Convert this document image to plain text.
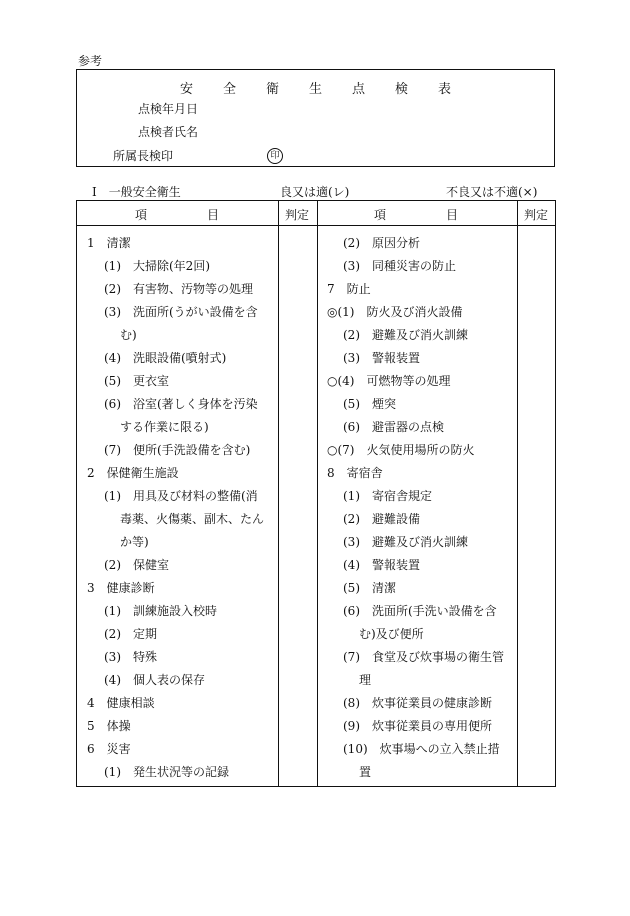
参考
安 全 衛 生 点 検 表
点検年月日
点検者氏名
所属長検印	印
Ⅰ　一般安全衛生	良又は適(レ)	不良又は不適(×)
項　　　　　目	判定	項　　　　　目	判定
1　清潔
(1)　大掃除(年2回)
(2)　有害物、汚物等の処理
(3)　洗面所(うがい設備を含
む)
(4)　洗眼設備(噴射式)
(5)　更衣室
(6)　浴室(著しく身体を汚染
する作業に限る)
(7)　便所(手洗設備を含む)
2　保健衛生施設
(1)　用具及び材料の整備(消
毒薬、火傷薬、副木、たん
か等)
(2)　保健室
3　健康診断
(1)　訓練施設入校時
(2)　定期
(3)　特殊
(4)　個人表の保存
4　健康相談
5　体操
6　災害
(1)　発生状況等の記録
(2)　原因分析
(3)　同種災害の防止
7　防止
◎(1)　防火及び消火設備
(2)　避難及び消火訓練
(3)　警報装置
○(4)　可燃物等の処理
(5)　煙突
(6)　避雷器の点検
○(7)　火気使用場所の防火
8　寄宿舎
(1)　寄宿舎規定
(2)　避難設備
(3)　避難及び消火訓練
(4)　警報装置
(5)　清潔
(6)　洗面所(手洗い設備を含
む)及び便所
(7)　食堂及び炊事場の衛生管
理
(8)　炊事従業員の健康診断
(9)　炊事従業員の専用便所
(10)　炊事場への立入禁止措
置
